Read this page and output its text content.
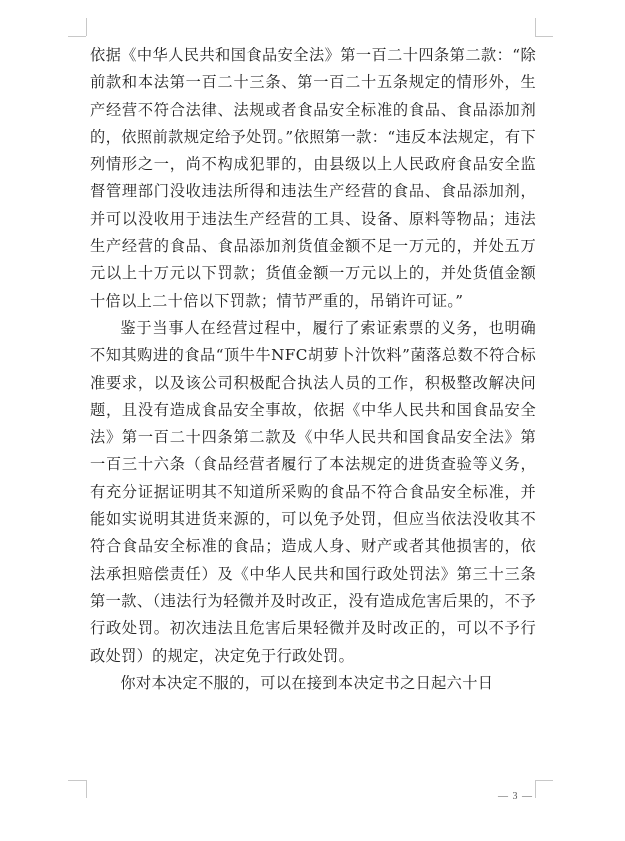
依据《中华人民共和国食品安全法》第一百二十四条第二款：“除前款和本法第一百二十三条、第一百二十五条规定的情形外，生产经营不符合法律、法规或者食品安全标准的食品、食品添加剂的，依照前款规定给予处罚。”依照第一款：“违反本法规定，有下列情形之一，尚不构成犯罪的，由县级以上人民政府食品安全监督管理部门没收违法所得和违法生产经营的食品、食品添加剂，并可以没收用于违法生产经营的工具、设备、原料等物品；违法生产经营的食品、食品添加剂货值金额不足一万元的，并处五万元以上十万元以下罚款；货值金额一万元以上的，并处货值金额十倍以上二十倍以下罚款；情节严重的，吊销许可证。”

鉴于当事人在经营过程中，履行了索证索票的义务，也明确不知其购进的食品“顶牛牛NFC胡萝卜汁饮料”菌落总数不符合标准要求，以及该公司积极配合执法人员的工作，积极整改解决问题，且没有造成食品安全事故，依据《中华人民共和国食品安全法》第一百二十四条第二款及《中华人民共和国食品安全法》第一百三十六条（食品经营者履行了本法规定的进货查验等义务，有充分证据证明其不知道所采购的食品不符合食品安全标准，并能如实说明其进货来源的，可以免予处罚，但应当依法没收其不符合食品安全标准的食品；造成人身、财产或者其他损害的，依法承担赔偿责任）及《中华人民共和国行政处罚法》第三十三条第一款、（违法行为轻微并及时改正，没有造成危害后果的，不予行政处罚。初次违法且危害后果轻微并及时改正的，可以不予行政处罚）的规定，决定免于行政处罚。

你对本决定不服的，可以在接到本决定书之日起六十日

— 3 —
